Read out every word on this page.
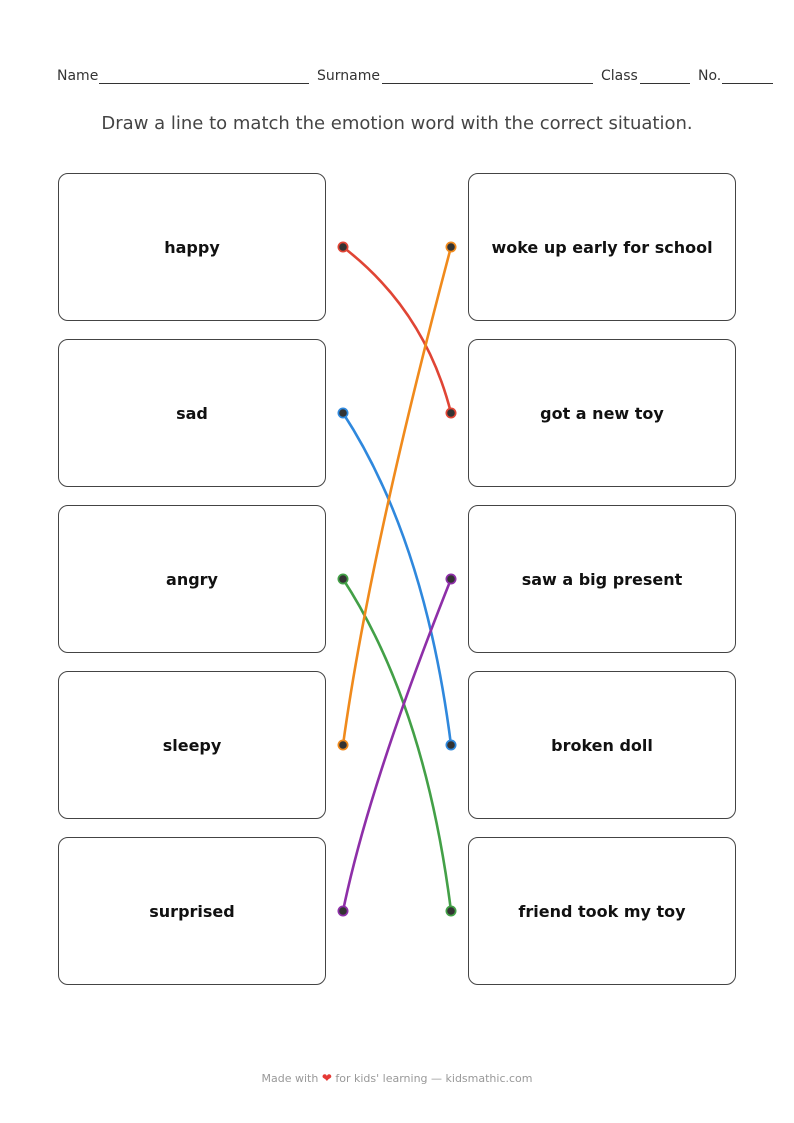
Name	Surname	Class	No.
Draw a line to match the emotion word with the correct situation.
happy
sad
angry
sleepy
surprised
woke up early for school
got a new toy
saw a big present
broken doll
friend took my toy
Made with ❤ for kids' learning — kidsmathic.com
